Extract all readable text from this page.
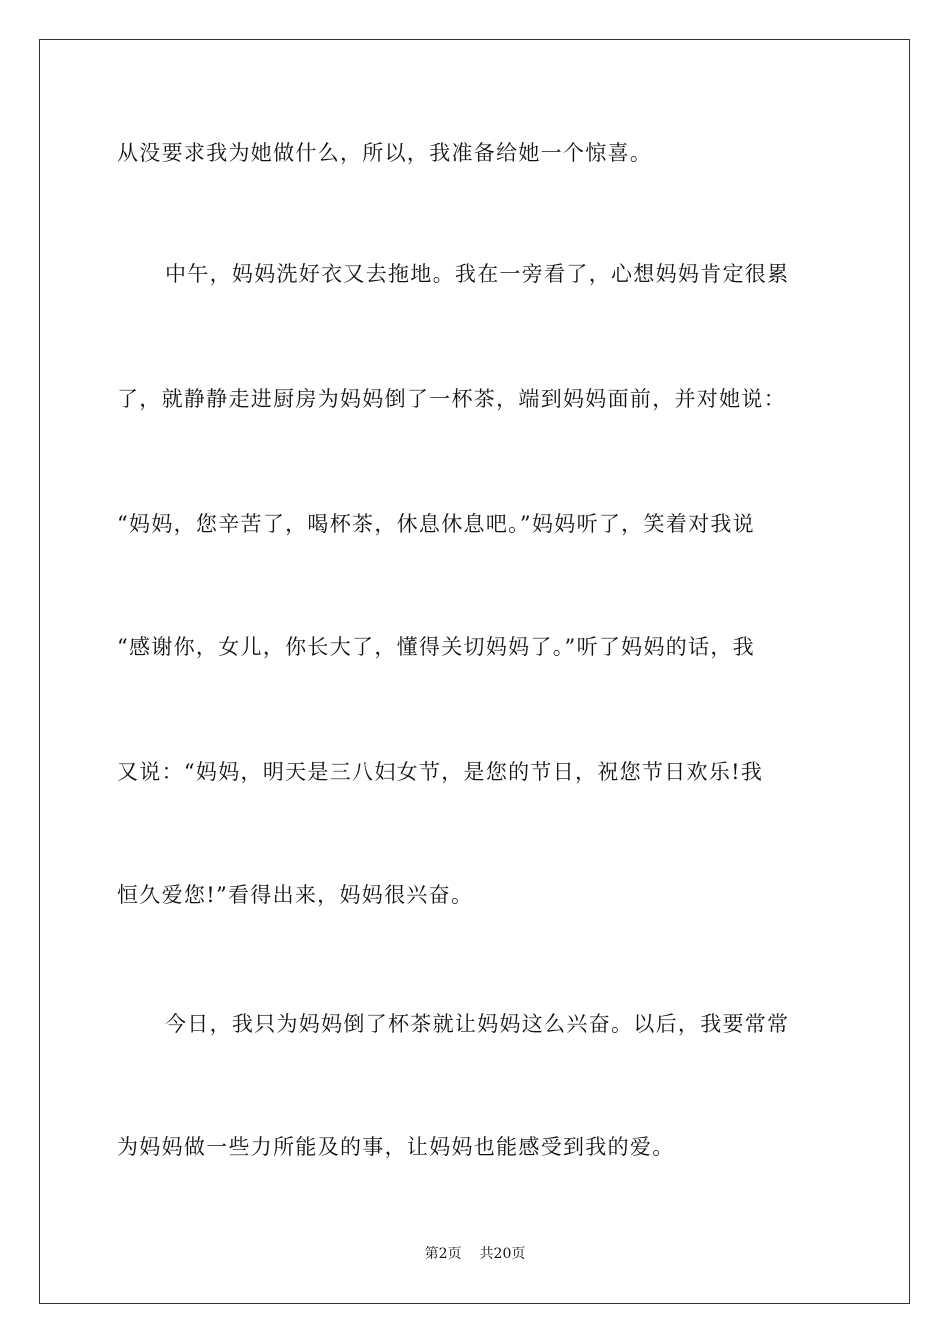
从没要求我为她做什么，所以，我准备给她一个惊喜。
中午，妈妈洗好衣又去拖地。我在一旁看了，心想妈妈肯定很累
了，就静静走进厨房为妈妈倒了一杯茶，端到妈妈面前，并对她说：
“妈妈，您辛苦了，喝杯茶，休息休息吧。”妈妈听了，笑着对我说
“感谢你，女儿，你长大了，懂得关切妈妈了。”听了妈妈的话，我
又说：“妈妈，明天是三八妇女节，是您的节日，祝您节日欢乐!我
恒久爱您!”看得出来，妈妈很兴奋。
今日，我只为妈妈倒了杯茶就让妈妈这么兴奋。以后，我要常常
为妈妈做一些力所能及的事，让妈妈也能感受到我的爱。
第2页 共20页
